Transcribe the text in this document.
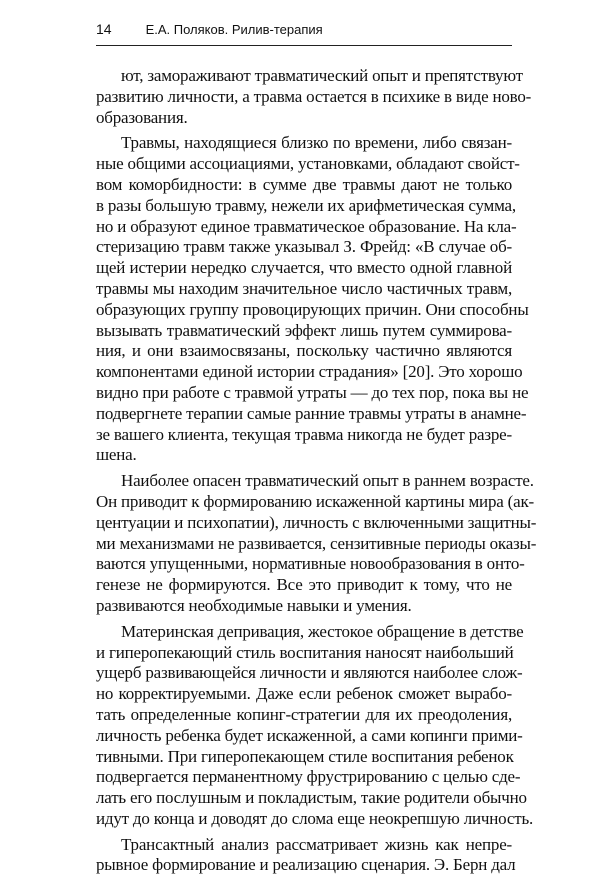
14	Е.А. Поляков. Рилив-терапия

ют, замораживают травматический опыт и препятствуют
развитию личности, а травма остается в психике в виде ново-
образования.

Травмы, находящиеся близко по времени, либо связан-
ные общими ассоциациями, установками, обладают свойст-
вом коморбидности: в сумме две травмы дают не только
в разы большую травму, нежели их арифметическая сумма,
но и образуют единое травматическое образование. На кла-
стеризацию травм также указывал З. Фрейд: «В случае об-
щей истерии нередко случается, что вместо одной главной
травмы мы находим значительное число частичных травм,
образующих группу провоцирующих причин. Они способны
вызывать травматический эффект лишь путем суммирова-
ния, и они взаимосвязаны, поскольку частично являются
компонентами единой истории страдания» [20]. Это хорошо
видно при работе с травмой утраты — до тех пор, пока вы не
подвергнете терапии самые ранние травмы утраты в анамне-
зе вашего клиента, текущая травма никогда не будет разре-
шена.

Наиболее опасен травматический опыт в раннем возрасте.
Он приводит к формированию искаженной картины мира (ак-
центуации и психопатии), личность с включенными защитны-
ми механизмами не развивается, сензитивные периоды оказы-
ваются упущенными, нормативные новообразования в онто-
генезе не формируются. Все это приводит к тому, что не
развиваются необходимые навыки и умения.

Материнская депривация, жестокое обращение в детстве
и гиперопекающий стиль воспитания наносят наибольший
ущерб развивающейся личности и являются наиболее слож-
но корректируемыми. Даже если ребенок сможет вырабо-
тать определенные копинг-стратегии для их преодоления,
личность ребенка будет искаженной, а сами копинги прими-
тивными. При гиперопекающем стиле воспитания ребенок
подвергается перманентному фрустрированию с целью сде-
лать его послушным и покладистым, такие родители обычно
идут до конца и доводят до слома еще неокрепшую личность.

Трансактный анализ рассматривает жизнь как непре-
рывное формирование и реализацию сценария. Э. Берн дал
